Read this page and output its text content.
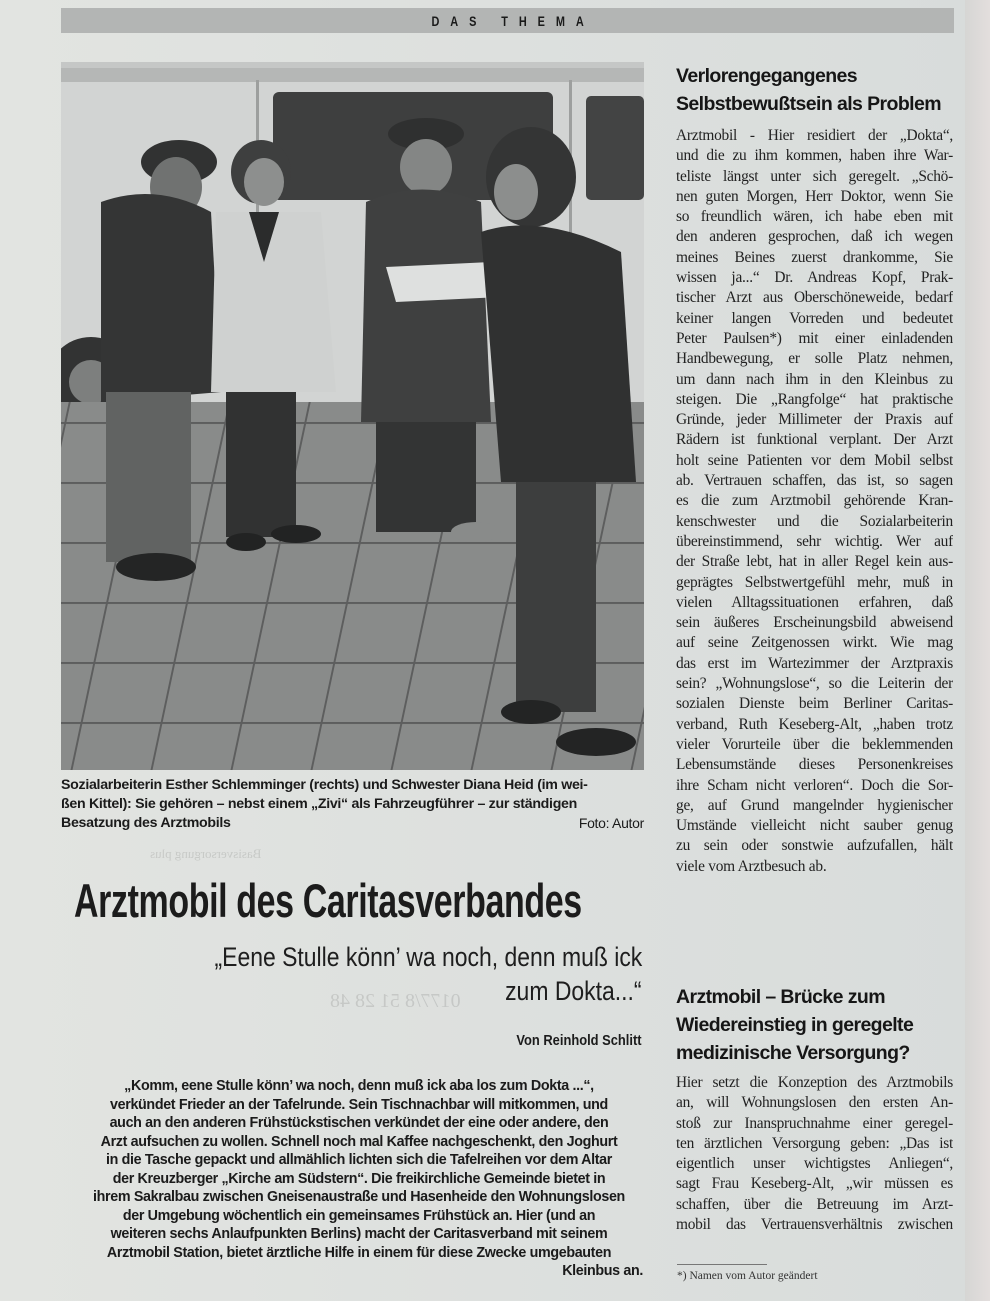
Basisversorgung plus
0177/8 51 28 48
DAS THEMA
Sozialarbeiterin Esther Schlemminger (rechts) und Schwester Diana Heid (im wei-
ßen Kittel): Sie gehören – nebst einem „Zivi“ als Fahrzeugführer – zur ständigen
Besatzung des Arztmobils	Foto: Autor
Arztmobil des Caritasverbandes
„Eene Stulle könn’ wa noch, denn muß ick
zum Dokta...“
Von Reinhold Schlitt
„Komm, eene Stulle könn’ wa noch, denn muß ick aba los zum Dokta ...“,
verkündet Frieder an der Tafelrunde. Sein Tischnachbar will mitkommen, und
auch an den anderen Frühstückstischen verkündet der eine oder andere, den
Arzt aufsuchen zu wollen. Schnell noch mal Kaffee nachgeschenkt, den Joghurt
in die Tasche gepackt und allmählich lichten sich die Tafelreihen vor dem Altar
der Kreuzberger „Kirche am Südstern“. Die freikirchliche Gemeinde bietet in
ihrem Sakralbau zwischen Gneisenaustraße und Hasenheide den Wohnungslosen
der Umgebung wöchentlich ein gemeinsames Frühstück an. Hier (und an
weiteren sechs Anlaufpunkten Berlins) macht der Caritasverband mit seinem
Arztmobil Station, bietet ärztliche Hilfe in einem für diese Zwecke umgebauten
Kleinbus an.
Verlorengegangenes
Selbstbewußtsein als Problem
Arztmobil - Hier residiert der „Dokta“,
und die zu ihm kommen, haben ihre War-
teliste längst unter sich geregelt. „Schö-
nen guten Morgen, Herr Doktor, wenn Sie
so freundlich wären, ich habe eben mit
den anderen gesprochen, daß ich wegen
meines Beines zuerst drankomme, Sie
wissen ja...“ Dr. Andreas Kopf, Prak-
tischer Arzt aus Oberschöneweide, bedarf
keiner langen Vorreden und bedeutet
Peter Paulsen*) mit einer einladenden
Handbewegung, er solle Platz nehmen,
um dann nach ihm in den Kleinbus zu
steigen. Die „Rangfolge“ hat praktische
Gründe, jeder Millimeter der Praxis auf
Rädern ist funktional verplant. Der Arzt
holt seine Patienten vor dem Mobil selbst
ab. Vertrauen schaffen, das ist, so sagen
es die zum Arztmobil gehörende Kran-
kenschwester und die Sozialarbeiterin
übereinstimmend, sehr wichtig. Wer auf
der Straße lebt, hat in aller Regel kein aus-
geprägtes Selbstwertgefühl mehr, muß in
vielen Alltagssituationen erfahren, daß
sein äußeres Erscheinungsbild abweisend
auf seine Zeitgenossen wirkt. Wie mag
das erst im Wartezimmer der Arztpraxis
sein? „Wohnungslose“, so die Leiterin der
sozialen Dienste beim Berliner Caritas-
verband, Ruth Keseberg-Alt, „haben trotz
vieler Vorurteile über die beklemmenden
Lebensumstände dieses Personenkreises
ihre Scham nicht verloren“. Doch die Sor-
ge, auf Grund mangelnder hygienischer
Umstände vielleicht nicht sauber genug
zu sein oder sonstwie aufzufallen, hält
viele vom Arztbesuch ab.
Arztmobil – Brücke zum
Wiedereinstieg in geregelte
medizinische Versorgung?
Hier setzt die Konzeption des Arztmobils
an, will Wohnungslosen den ersten An-
stoß zur Inanspruchnahme einer geregel-
ten ärztlichen Versorgung geben: „Das ist
eigentlich unser wichtigstes Anliegen“,
sagt Frau Keseberg-Alt, „wir müssen es
schaffen, über die Betreuung im Arzt-
mobil das Vertrauensverhältnis zwischen
*) Namen vom Autor geändert
